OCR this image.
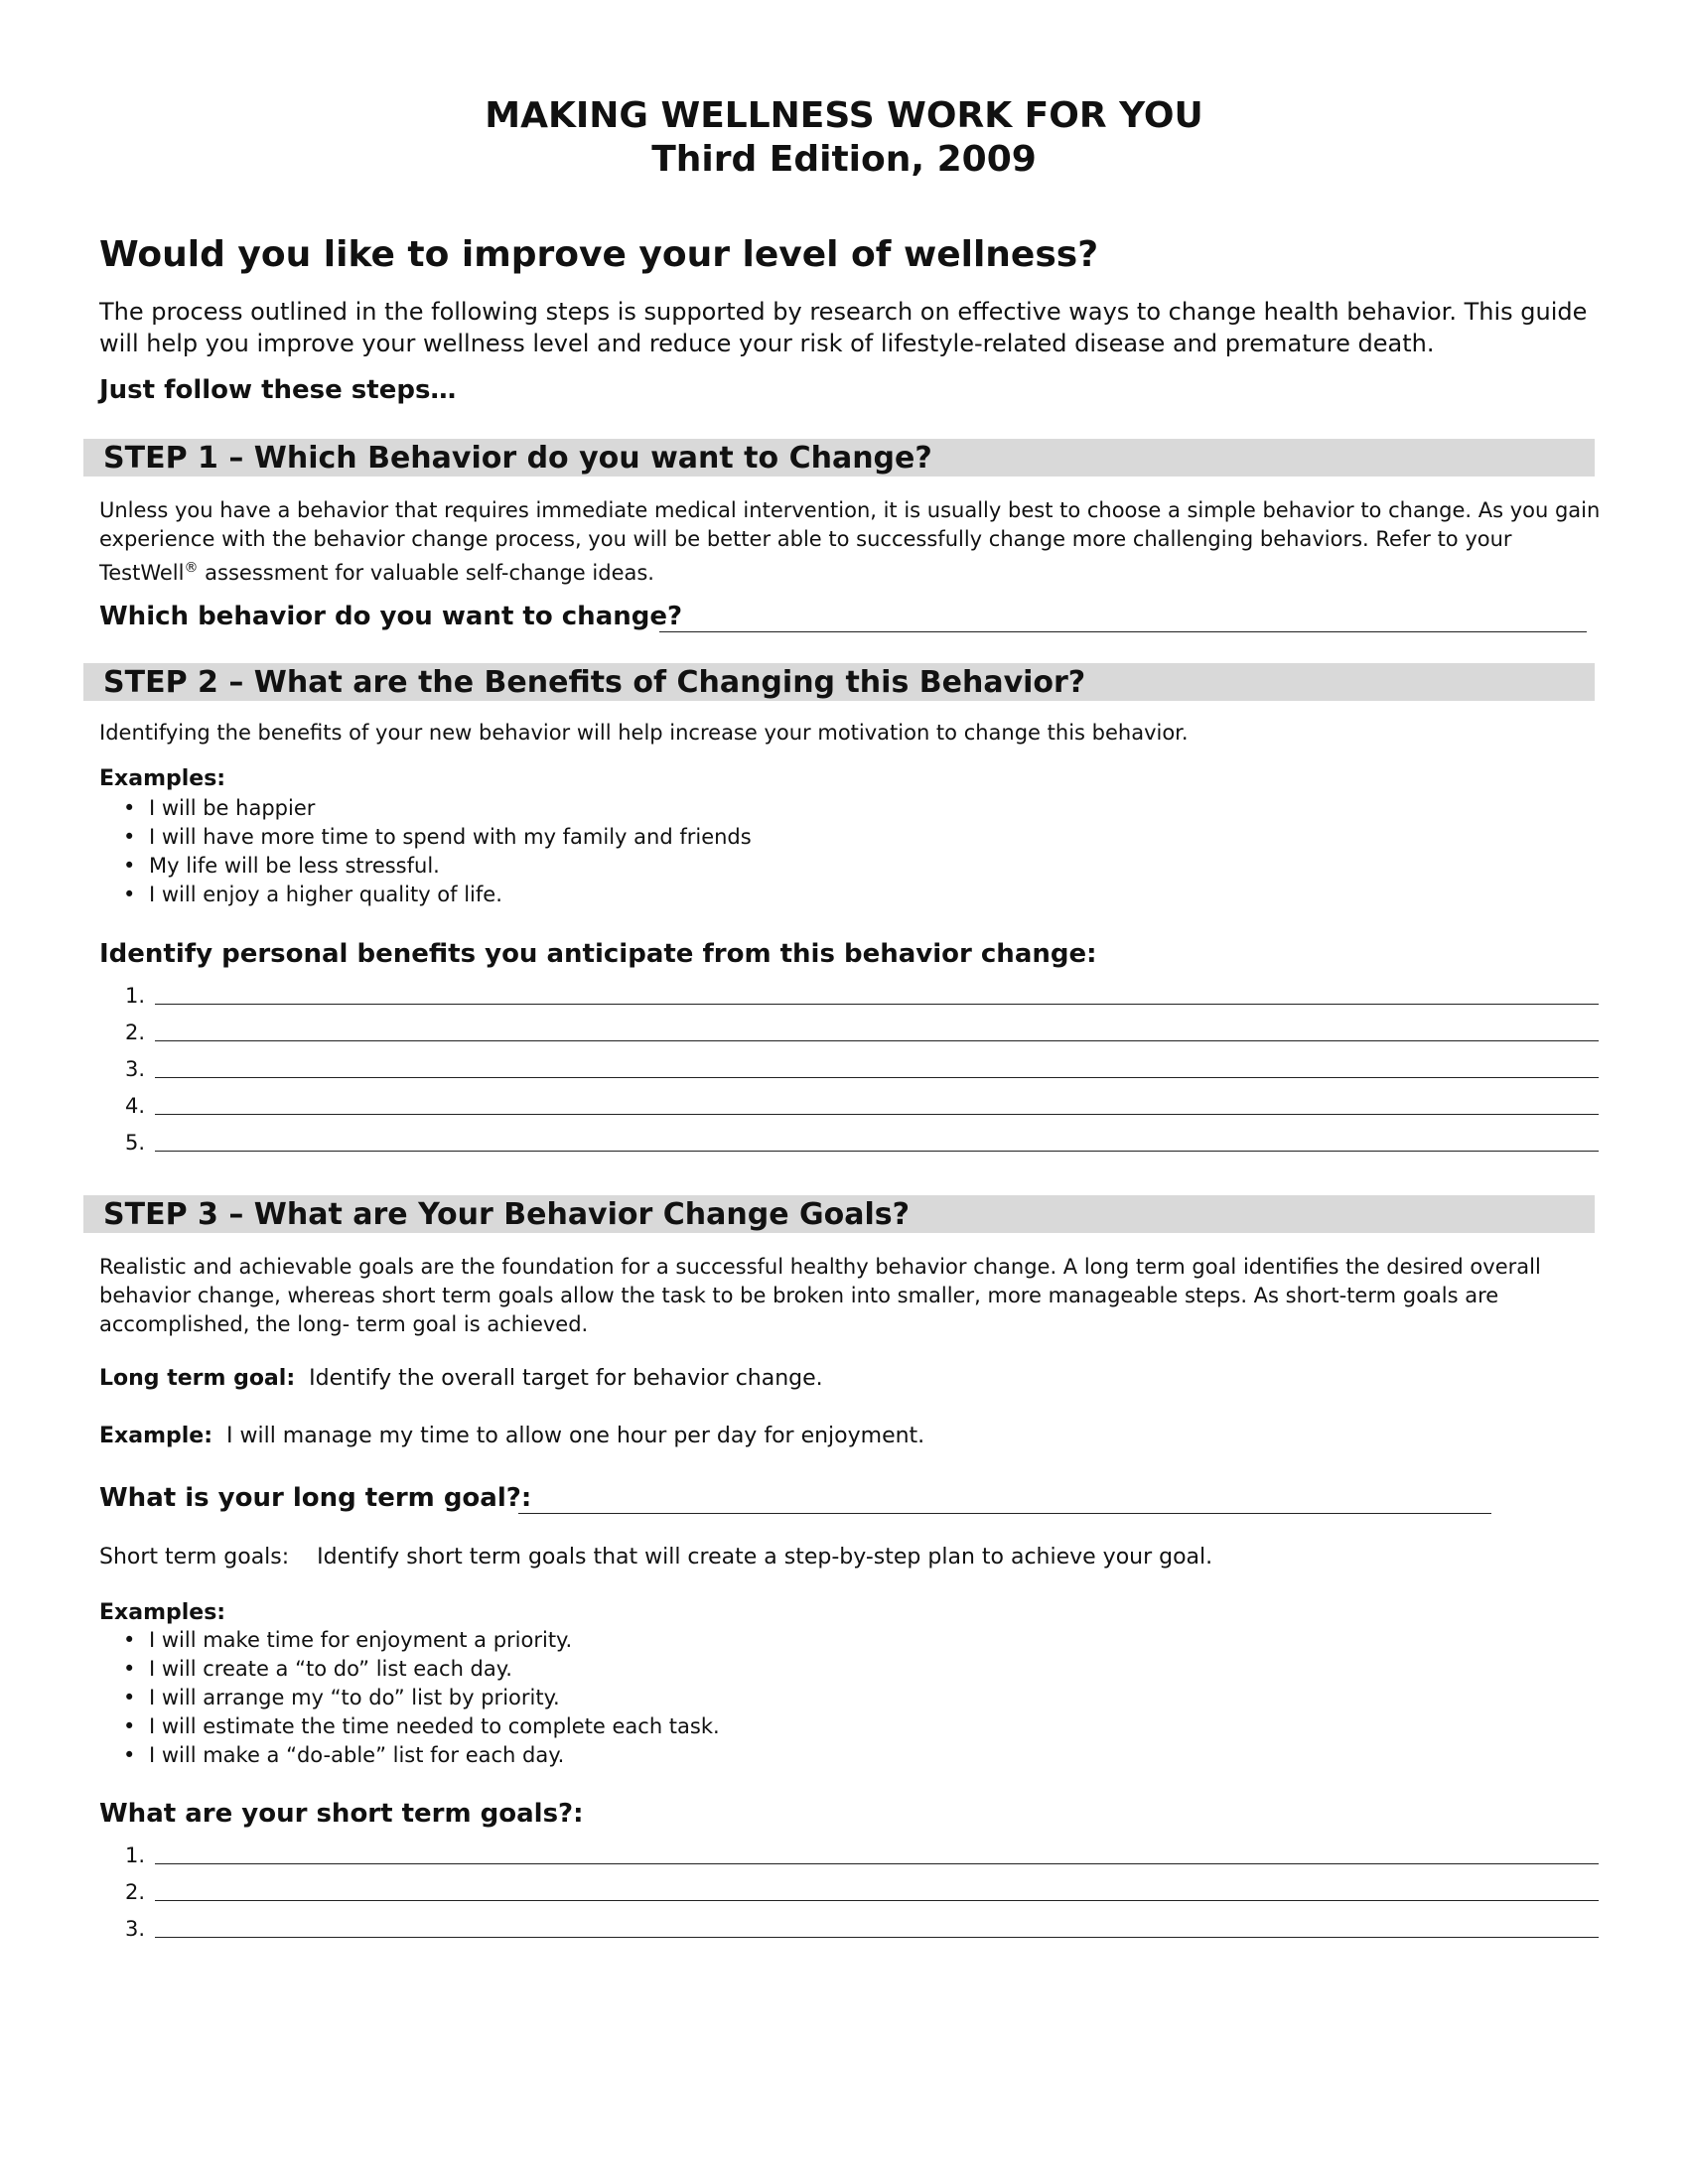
MAKING WELLNESS WORK FOR YOU
Third Edition, 2009
Would you like to improve your level of wellness?
The process outlined in the following steps is supported by research on effective ways to change health behavior. This guide will help you improve your wellness level and reduce your risk of lifestyle-related disease and premature death.
Just follow these steps…
STEP 1 – Which Behavior do you want to Change?
Unless you have a behavior that requires immediate medical intervention, it is usually best to choose a simple behavior to change. As you gain experience with the behavior change process, you will be better able to successfully change more challenging behaviors. Refer to your TestWell® assessment for valuable self-change ideas.
Which behavior do you want to change?
STEP 2 – What are the Benefits of Changing this Behavior?
Identifying the benefits of your new behavior will help increase your motivation to change this behavior.
Examples:
• I will be happier
• I will have more time to spend with my family and friends
• My life will be less stressful.
• I will enjoy a higher quality of life.
Identify personal benefits you anticipate from this behavior change:
1.
2.
3.
4.
5.
STEP 3 – What are Your Behavior Change Goals?
Realistic and achievable goals are the foundation for a successful healthy behavior change. A long term goal identifies the desired overall behavior change, whereas short term goals allow the task to be broken into smaller, more manageable steps. As short-term goals are accomplished, the long- term goal is achieved.
Long term goal: Identify the overall target for behavior change.
Example: I will manage my time to allow one hour per day for enjoyment.
What is your long term goal?:
Short term goals: Identify short term goals that will create a step-by-step plan to achieve your goal.
Examples:
• I will make time for enjoyment a priority.
• I will create a “to do” list each day.
• I will arrange my “to do” list by priority.
• I will estimate the time needed to complete each task.
• I will make a “do-able” list for each day.
What are your short term goals?:
1.
2.
3.
